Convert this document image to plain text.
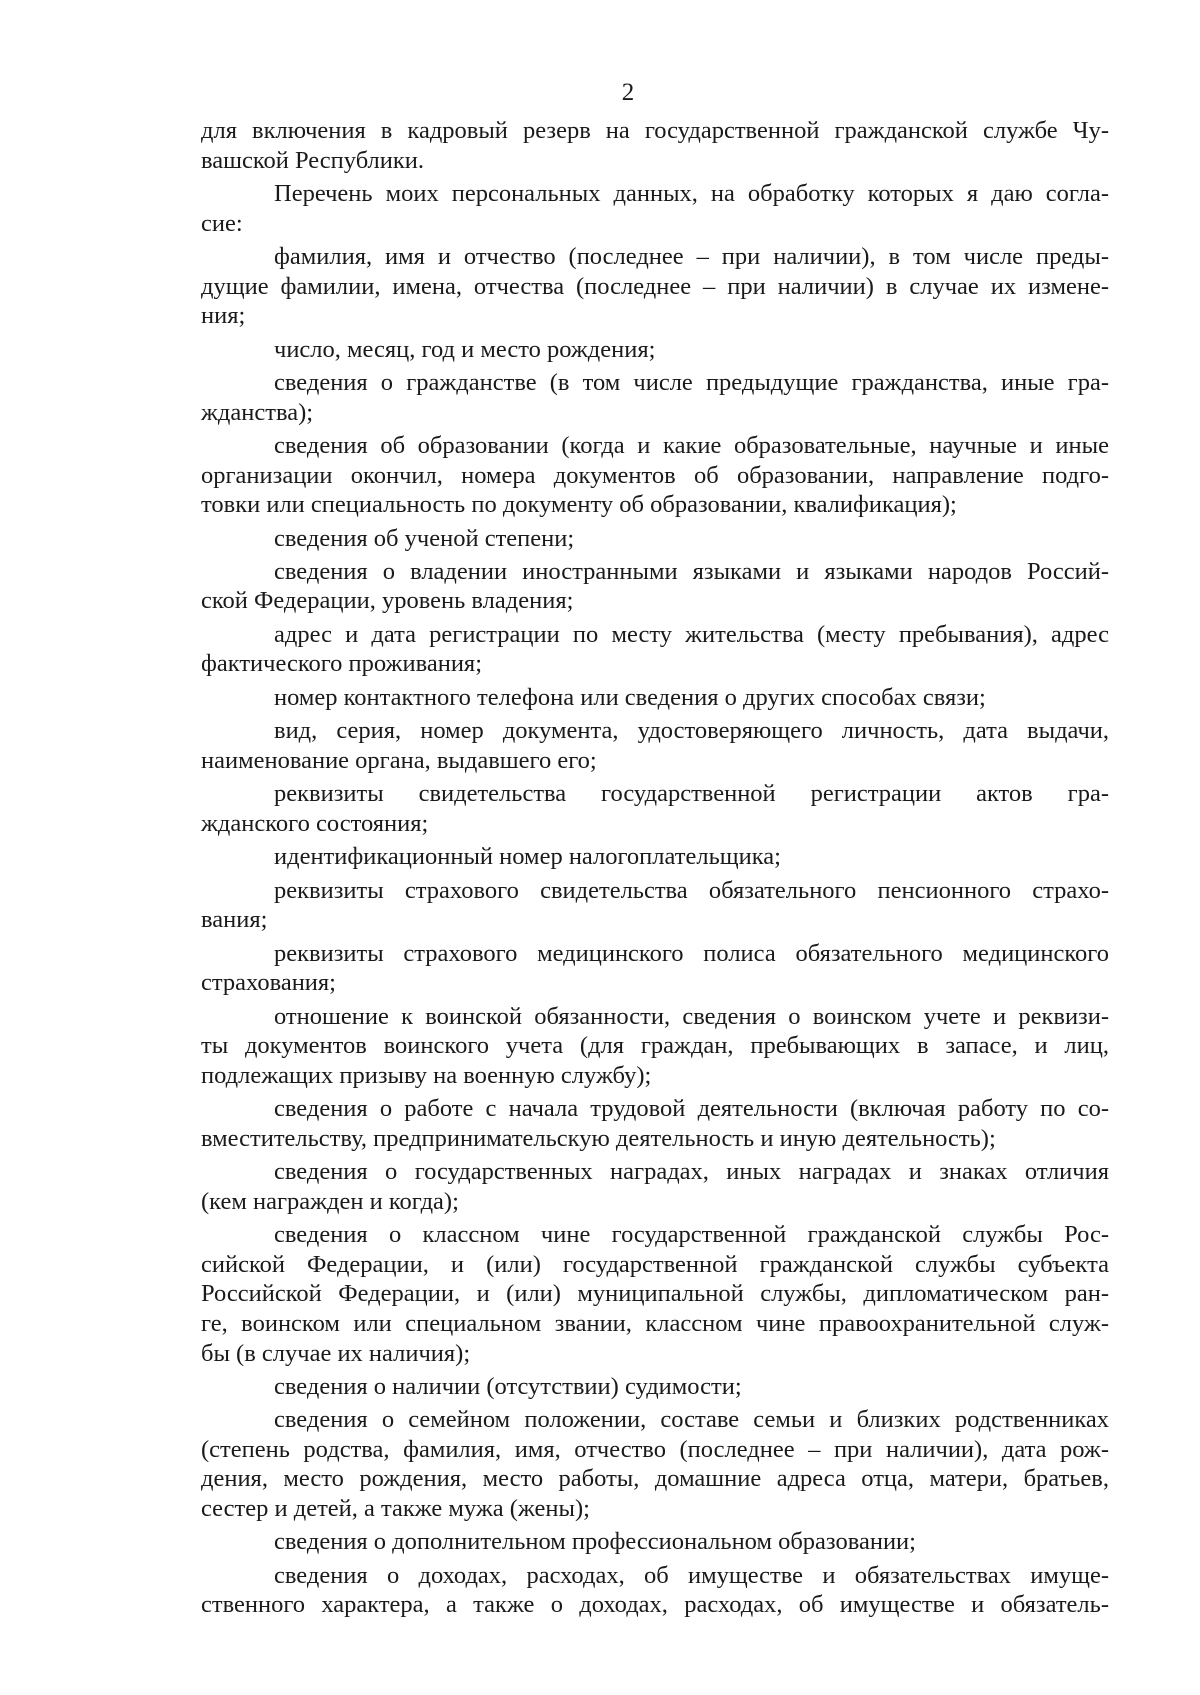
2
для включения в кадровый резерв на государственной гражданской службе Чу-
вашской Республики.
Перечень моих персональных данных, на обработку которых я даю согла-
сие:
фамилия, имя и отчество (последнее – при наличии), в том числе преды-
дущие фамилии, имена, отчества (последнее – при наличии) в случае их измене-
ния;
число, месяц, год и место рождения;
сведения о гражданстве (в том числе предыдущие гражданства, иные гра-
жданства);
сведения об образовании (когда и какие образовательные, научные и иные
организации окончил, номера документов об образовании, направление подго-
товки или специальность по документу об образовании, квалификация);
сведения об ученой степени;
сведения о владении иностранными языками и языками народов Россий-
ской Федерации, уровень владения;
адрес и дата регистрации по месту жительства (месту пребывания), адрес
фактического проживания;
номер контактного телефона или сведения о других способах связи;
вид, серия, номер документа, удостоверяющего личность, дата выдачи,
наименование органа, выдавшего его;
реквизиты свидетельства государственной регистрации актов гра-
жданского состояния;
идентификационный номер налогоплательщика;
реквизиты страхового свидетельства обязательного пенсионного страхо-
вания;
реквизиты страхового медицинского полиса обязательного медицинского
страхования;
отношение к воинской обязанности, сведения о воинском учете и реквизи-
ты документов воинского учета (для граждан, пребывающих в запасе, и лиц,
подлежащих призыву на военную службу);
сведения о работе с начала трудовой деятельности (включая работу по со-
вместительству, предпринимательскую деятельность и иную деятельность);
сведения о государственных наградах, иных наградах и знаках отличия
(кем награжден и когда);
сведения о классном чине государственной гражданской службы Рос-
сийской Федерации, и (или) государственной гражданской службы субъекта
Российской Федерации, и (или) муниципальной службы, дипломатическом ран-
ге, воинском или специальном звании, классном чине правоохранительной служ-
бы (в случае их наличия);
сведения о наличии (отсутствии) судимости;
сведения о семейном положении, составе семьи и близких родственниках
(степень родства, фамилия, имя, отчество (последнее – при наличии), дата рож-
дения, место рождения, место работы, домашние адреса отца, матери, братьев,
сестер и детей, а также мужа (жены);
сведения о дополнительном профессиональном образовании;
сведения о доходах, расходах, об имуществе и обязательствах имуще-
ственного характера, а также о доходах, расходах, об имуществе и обязатель-
